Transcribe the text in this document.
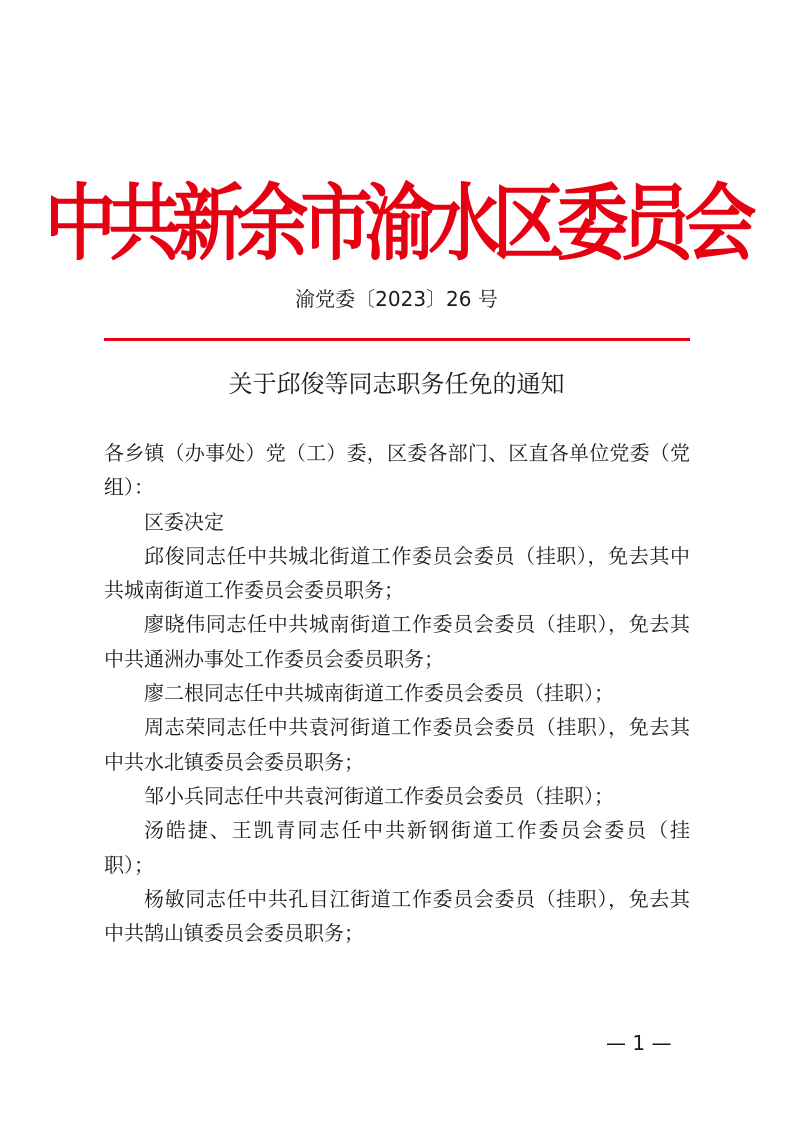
中共新余市渝水区委员会
渝党委〔2023〕26 号
关于邱俊等同志职务任免的通知

各乡镇（办事处）党（工）委，区委各部门、区直各单位党委（党组）：

区委决定

邱俊同志任中共城北街道工作委员会委员（挂职），免去其中共城南街道工作委员会委员职务；

廖晓伟同志任中共城南街道工作委员会委员（挂职），免去其中共通洲办事处工作委员会委员职务；

廖二根同志任中共城南街道工作委员会委员（挂职）；

周志荣同志任中共袁河街道工作委员会委员（挂职），免去其中共水北镇委员会委员职务；

邹小兵同志任中共袁河街道工作委员会委员（挂职）；

汤皓捷、王凯青同志任中共新钢街道工作委员会委员（挂职）；

杨敏同志任中共孔目江街道工作委员会委员（挂职），免去其中共鹄山镇委员会委员职务；

— 1 —
